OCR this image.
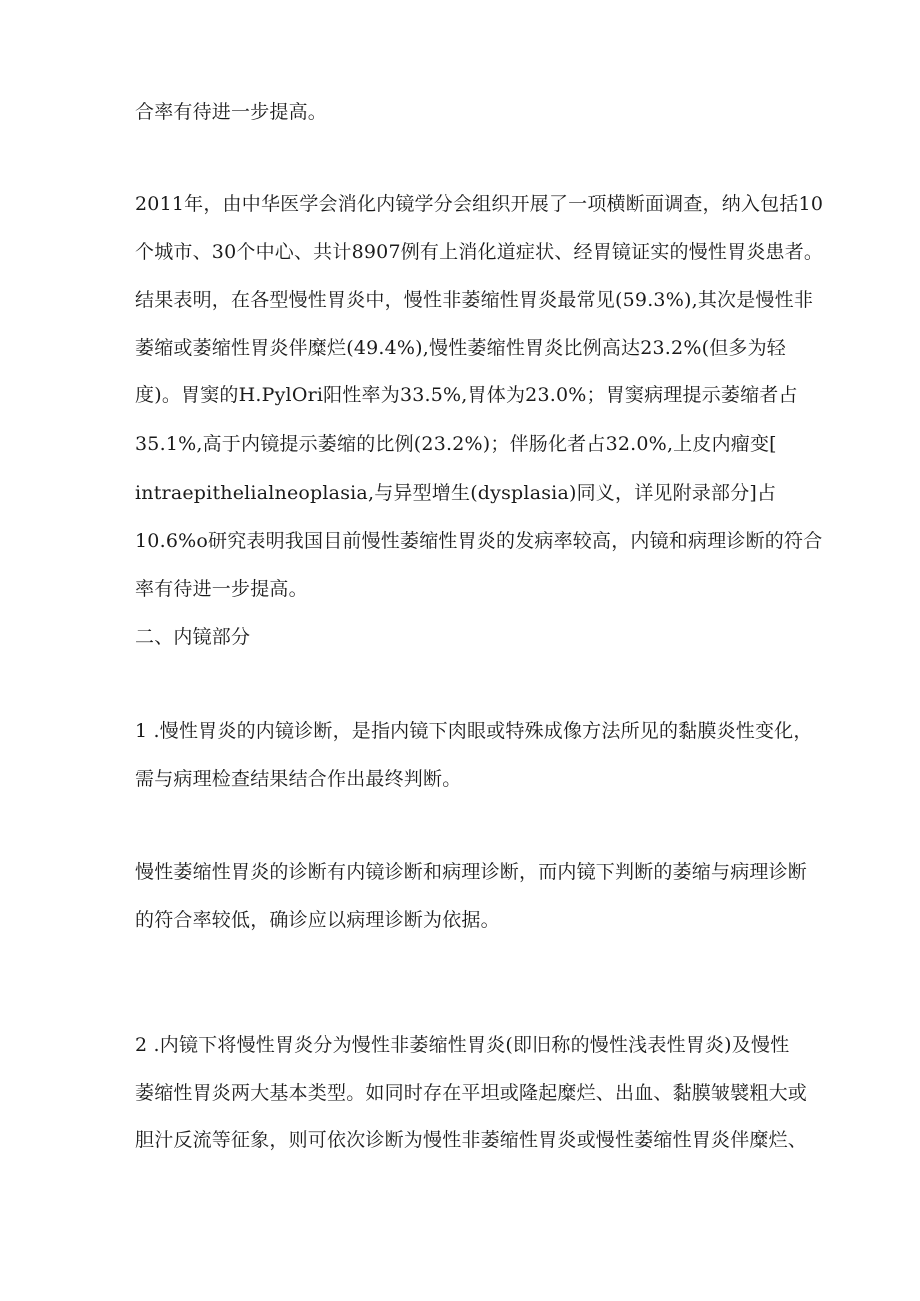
合率有待进一步提高。
2011年，由中华医学会消化内镜学分会组织开展了一项横断面调查，纳入包括10
个城市、30个中心、共计8907例有上消化道症状、经胃镜证实的慢性胃炎患者。
结果表明，在各型慢性胃炎中，慢性非萎缩性胃炎最常见(59.3%),其次是慢性非
萎缩或萎缩性胃炎伴糜烂(49.4%),慢性萎缩性胃炎比例高达23.2%(但多为轻
度)。胃窦的H.PylOri阳性率为33.5%,胃体为23.0%；胃窦病理提示萎缩者占
35.1%,高于内镜提示萎缩的比例(23.2%)；伴肠化者占32.0%,上皮内瘤变[
intraepithelialneoplasia,与异型增生(dysplasia)同义，详见附录部分]占
10.6%o研究表明我国目前慢性萎缩性胃炎的发病率较高，内镜和病理诊断的符合
率有待进一步提高。
二、内镜部分
1 .慢性胃炎的内镜诊断，是指内镜下肉眼或特殊成像方法所见的黏膜炎性变化，
需与病理检查结果结合作出最终判断。
慢性萎缩性胃炎的诊断有内镜诊断和病理诊断，而内镜下判断的萎缩与病理诊断
的符合率较低，确诊应以病理诊断为依据。
2 .内镜下将慢性胃炎分为慢性非萎缩性胃炎(即旧称的慢性浅表性胃炎)及慢性
萎缩性胃炎两大基本类型。如同时存在平坦或隆起糜烂、出血、黏膜皱襞粗大或
胆汁反流等征象，则可依次诊断为慢性非萎缩性胃炎或慢性萎缩性胃炎伴糜烂、
